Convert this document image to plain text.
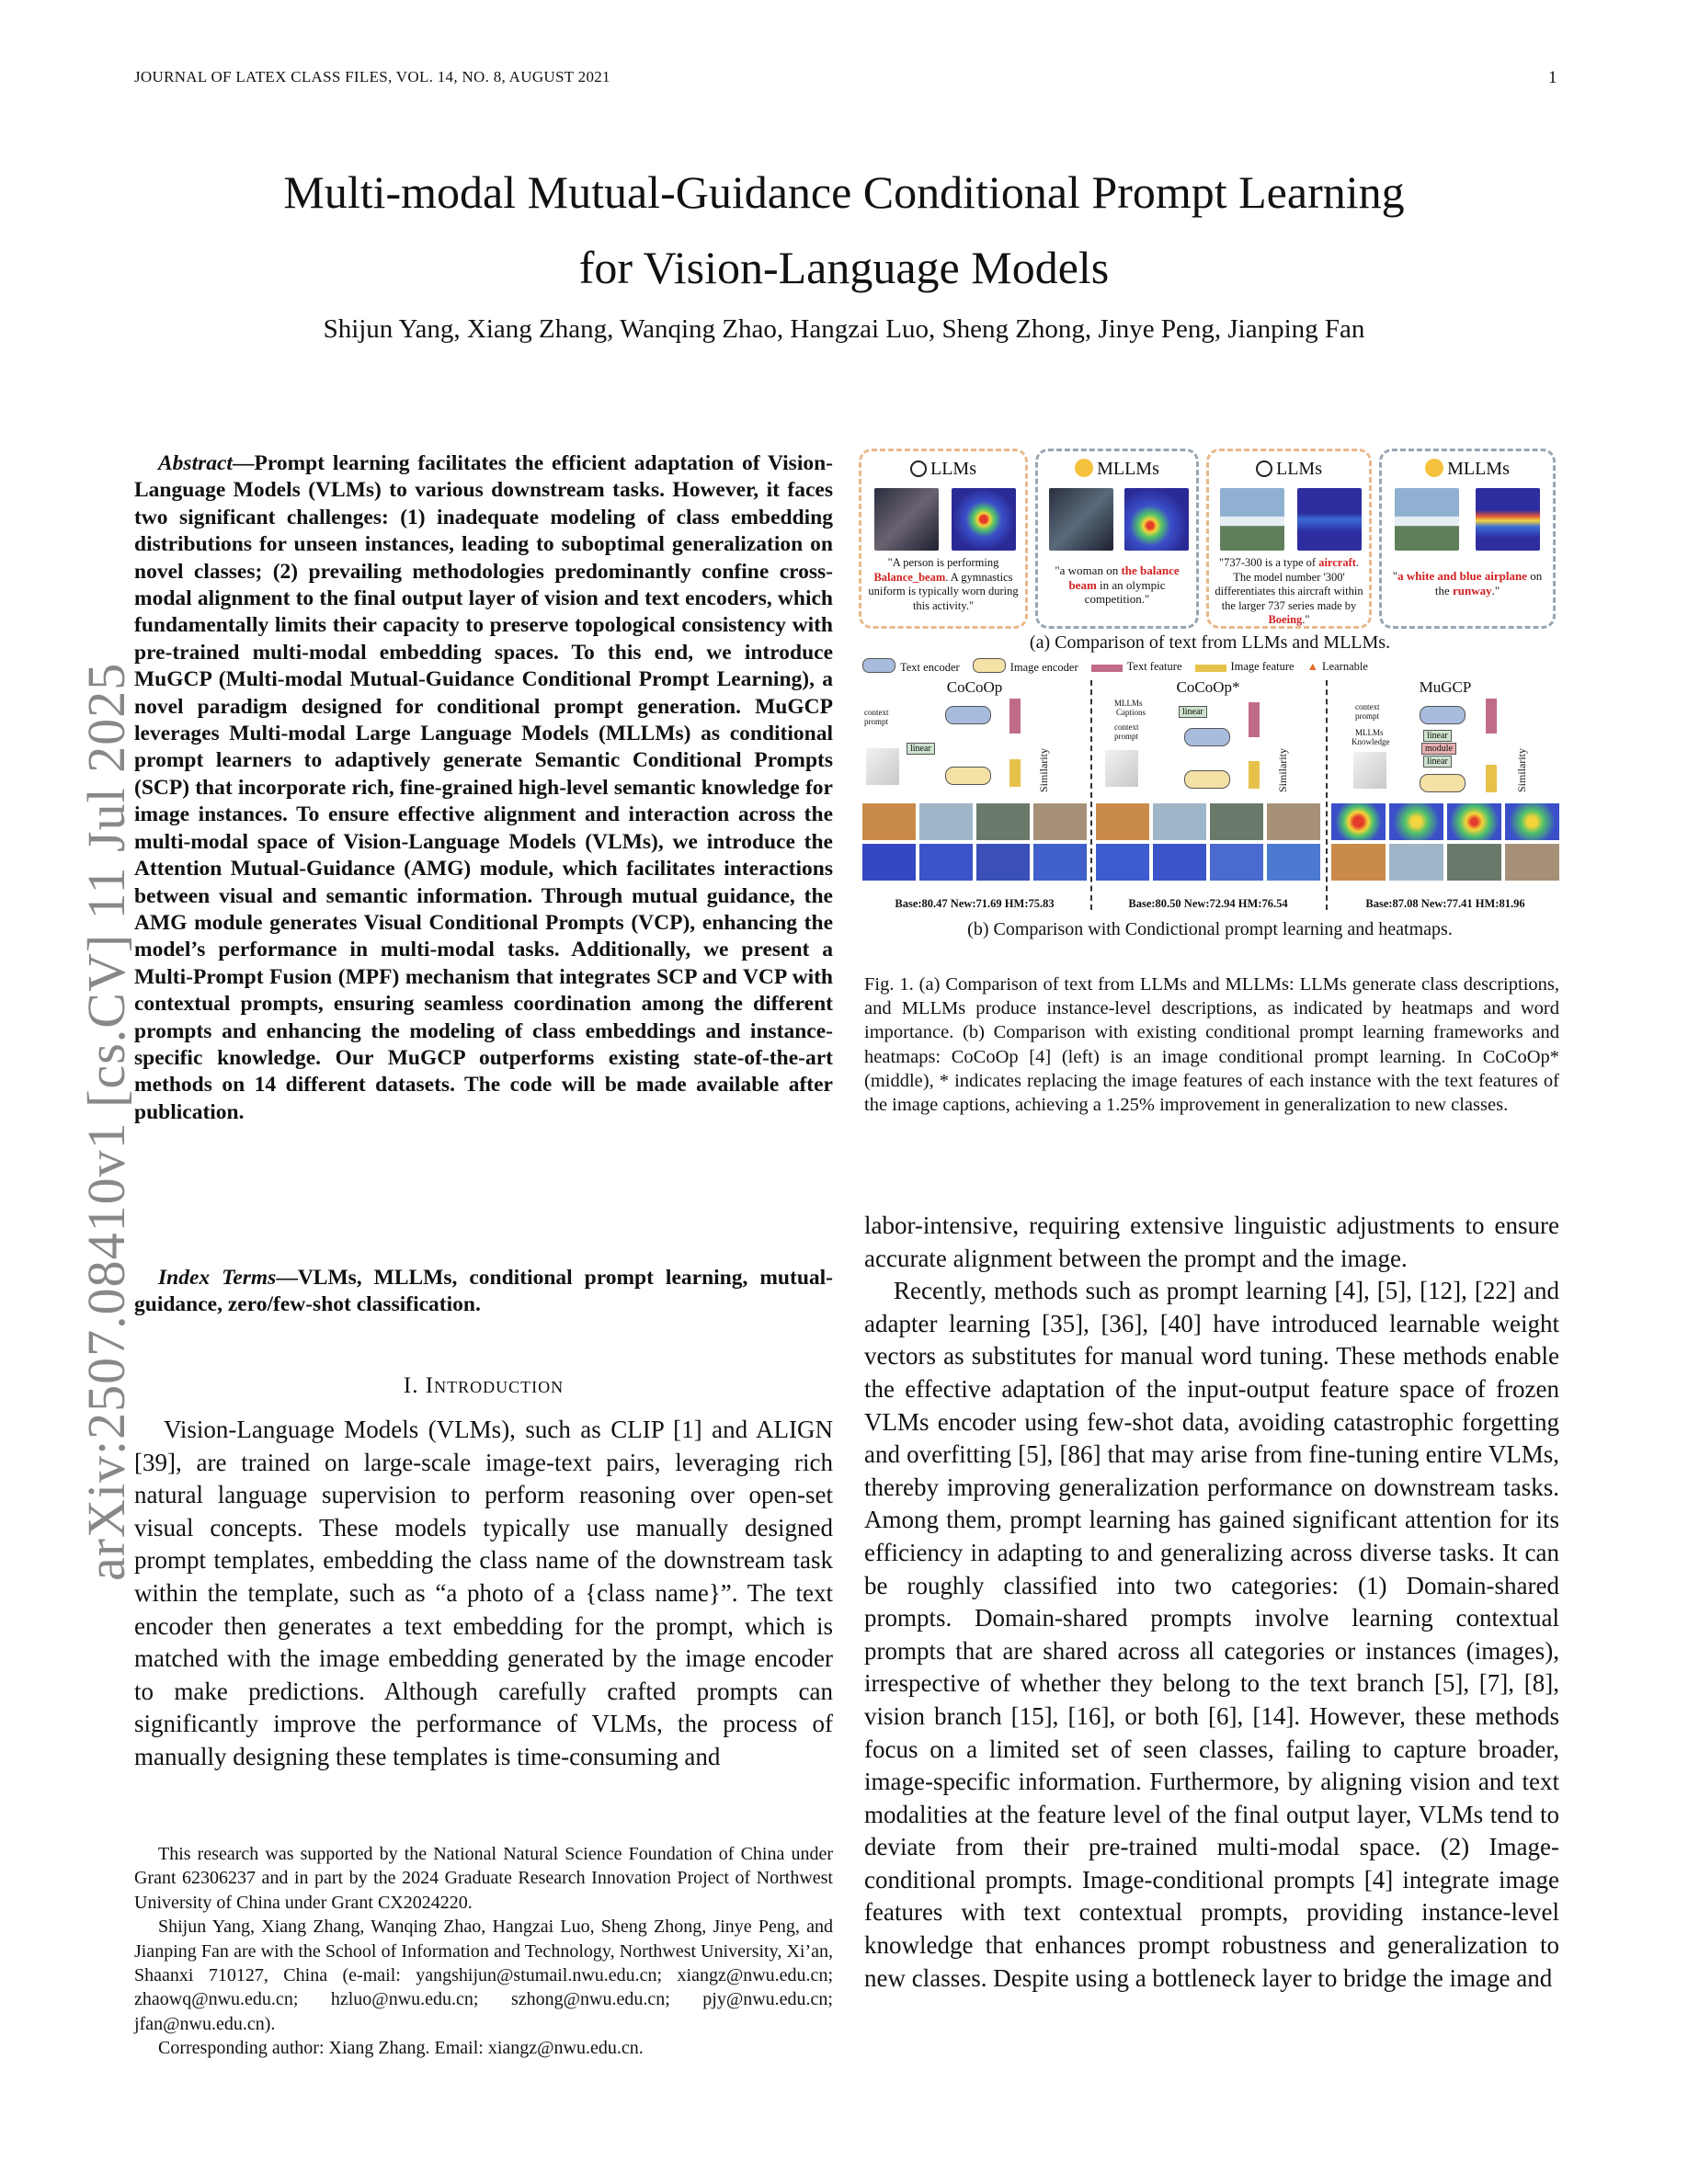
JOURNAL OF LATEX CLASS FILES, VOL. 14, NO. 8, AUGUST 2021	1
Multi-modal Mutual-Guidance Conditional Prompt Learning
for Vision-Language Models
Shijun Yang, Xiang Zhang, Wanqing Zhao, Hangzai Luo, Sheng Zhong, Jinye Peng, Jianping Fan
arXiv:2507.08410v1 [cs.CV] 11 Jul 2025
Abstract—Prompt learning facilitates the efficient adaptation of Vision-Language Models (VLMs) to various downstream tasks. However, it faces two significant challenges: (1) inadequate modeling of class embedding distributions for unseen instances, leading to suboptimal generalization on novel classes; (2) prevailing methodologies predominantly confine cross-modal alignment to the final output layer of vision and text encoders, which fundamentally limits their capacity to preserve topological consistency with pre-trained multi-modal embedding spaces. To this end, we introduce MuGCP (Multi-modal Mutual-Guidance Conditional Prompt Learning), a novel paradigm designed for conditional prompt generation. MuGCP leverages Multi-modal Large Language Models (MLLMs) as conditional prompt learners to adaptively generate Semantic Conditional Prompts (SCP) that incorporate rich, fine-grained high-level semantic knowledge for image instances. To ensure effective alignment and interaction across the multi-modal space of Vision-Language Models (VLMs), we introduce the Attention Mutual-Guidance (AMG) module, which facilitates interactions between visual and semantic information. Through mutual guidance, the AMG module generates Visual Conditional Prompts (VCP), enhancing the model’s performance in multi-modal tasks. Additionally, we present a Multi-Prompt Fusion (MPF) mechanism that integrates SCP and VCP with contextual prompts, ensuring seamless coordination among the different prompts and enhancing the modeling of class embeddings and instance-specific knowledge. Our MuGCP outperforms existing state-of-the-art methods on 14 different datasets. The code will be made available after publication.
Index Terms—VLMs, MLLMs, conditional prompt learning, mutual-guidance, zero/few-shot classification.
I. Introduction

Vision-Language Models (VLMs), such as CLIP [1] and ALIGN [39], are trained on large-scale image-text pairs, leveraging rich natural language supervision to perform reasoning over open-set visual concepts. These models typically use manually designed prompt templates, embedding the class name of the downstream task within the template, such as “a photo of a {class name}”. The text encoder then generates a text embedding for the prompt, which is matched with the image embedding generated by the image encoder to make predictions. Although carefully crafted prompts can significantly improve the performance of VLMs, the process of manually designing these templates is time-consuming and

This research was supported by the National Natural Science Foundation of China under Grant 62306237 and in part by the 2024 Graduate Research Innovation Project of Northwest University of China under Grant CX2024220.

Shijun Yang, Xiang Zhang, Wanqing Zhao, Hangzai Luo, Sheng Zhong, Jinye Peng, and Jianping Fan are with the School of Information and Technology, Northwest University, Xi’an, Shaanxi 710127, China (e-mail: yangshijun@stumail.nwu.edu.cn; xiangz@nwu.edu.cn; zhaowq@nwu.edu.cn; hzluo@nwu.edu.cn; szhong@nwu.edu.cn; pjy@nwu.edu.cn; jfan@nwu.edu.cn).

Corresponding author: Xiang Zhang. Email: xiangz@nwu.edu.cn.

LLMs
"A person is performing Balance_beam. A gymnastics uniform is typically worn during this activity."
MLLMs
"a woman on the balance beam in an olympic competition."
LLMs
"737-300 is a type of aircraft. The model number '300' differentiates this aircraft within the larger 737 series made by Boeing."
MLLMs
"a white and blue airplane on the runway."
(a) Comparison of text from LLMs and MLLMs.
Text encoder	Image encoder	Text feature	Image feature ▲ Learnable
CoCoOp
context
prompt
linear	Similarity
Base:80.47 New:71.69 HM:75.83
CoCoOp*
MLLMs
Captions	linear
context
prompt
Similarity
Base:80.50 New:72.94 HM:76.54
MuGCP
context
prompt
MLLMs
Knowledge
linear
module
linear	Similarity
Base:87.08 New:77.41 HM:81.96
(b) Comparison with Condictional prompt learning and heatmaps.
Fig. 1. (a) Comparison of text from LLMs and MLLMs: LLMs generate class descriptions, and MLLMs produce instance-level descriptions, as indicated by heatmaps and word importance. (b) Comparison with existing conditional prompt learning frameworks and heatmaps: CoCoOp [4] (left) is an image conditional prompt learning. In CoCoOp* (middle), * indicates replacing the image features of each instance with the text features of the image captions, achieving a 1.25% improvement in generalization to new classes.

labor-intensive, requiring extensive linguistic adjustments to ensure accurate alignment between the prompt and the image.

Recently, methods such as prompt learning [4], [5], [12], [22] and adapter learning [35], [36], [40] have introduced learnable weight vectors as substitutes for manual word tuning. These methods enable the effective adaptation of the input-output feature space of frozen VLMs encoder using few-shot data, avoiding catastrophic forgetting and overfitting [5], [86] that may arise from fine-tuning entire VLMs, thereby improving generalization performance on downstream tasks. Among them, prompt learning has gained significant attention for its efficiency in adapting to and generalizing across diverse tasks. It can be roughly classified into two categories: (1) Domain-shared prompts. Domain-shared prompts involve learning contextual prompts that are shared across all categories or instances (images), irrespective of whether they belong to the text branch [5], [7], [8], vision branch [15], [16], or both [6], [14]. However, these methods focus on a limited set of seen classes, failing to capture broader, image-specific information. Furthermore, by aligning vision and text modalities at the feature level of the final output layer, VLMs tend to deviate from their pre-trained multi-modal space. (2) Image-conditional prompts. Image-conditional prompts [4] integrate image features with text contextual prompts, providing instance-level knowledge that enhances prompt robustness and generalization to new classes. Despite using a bottleneck layer to bridge the image and
